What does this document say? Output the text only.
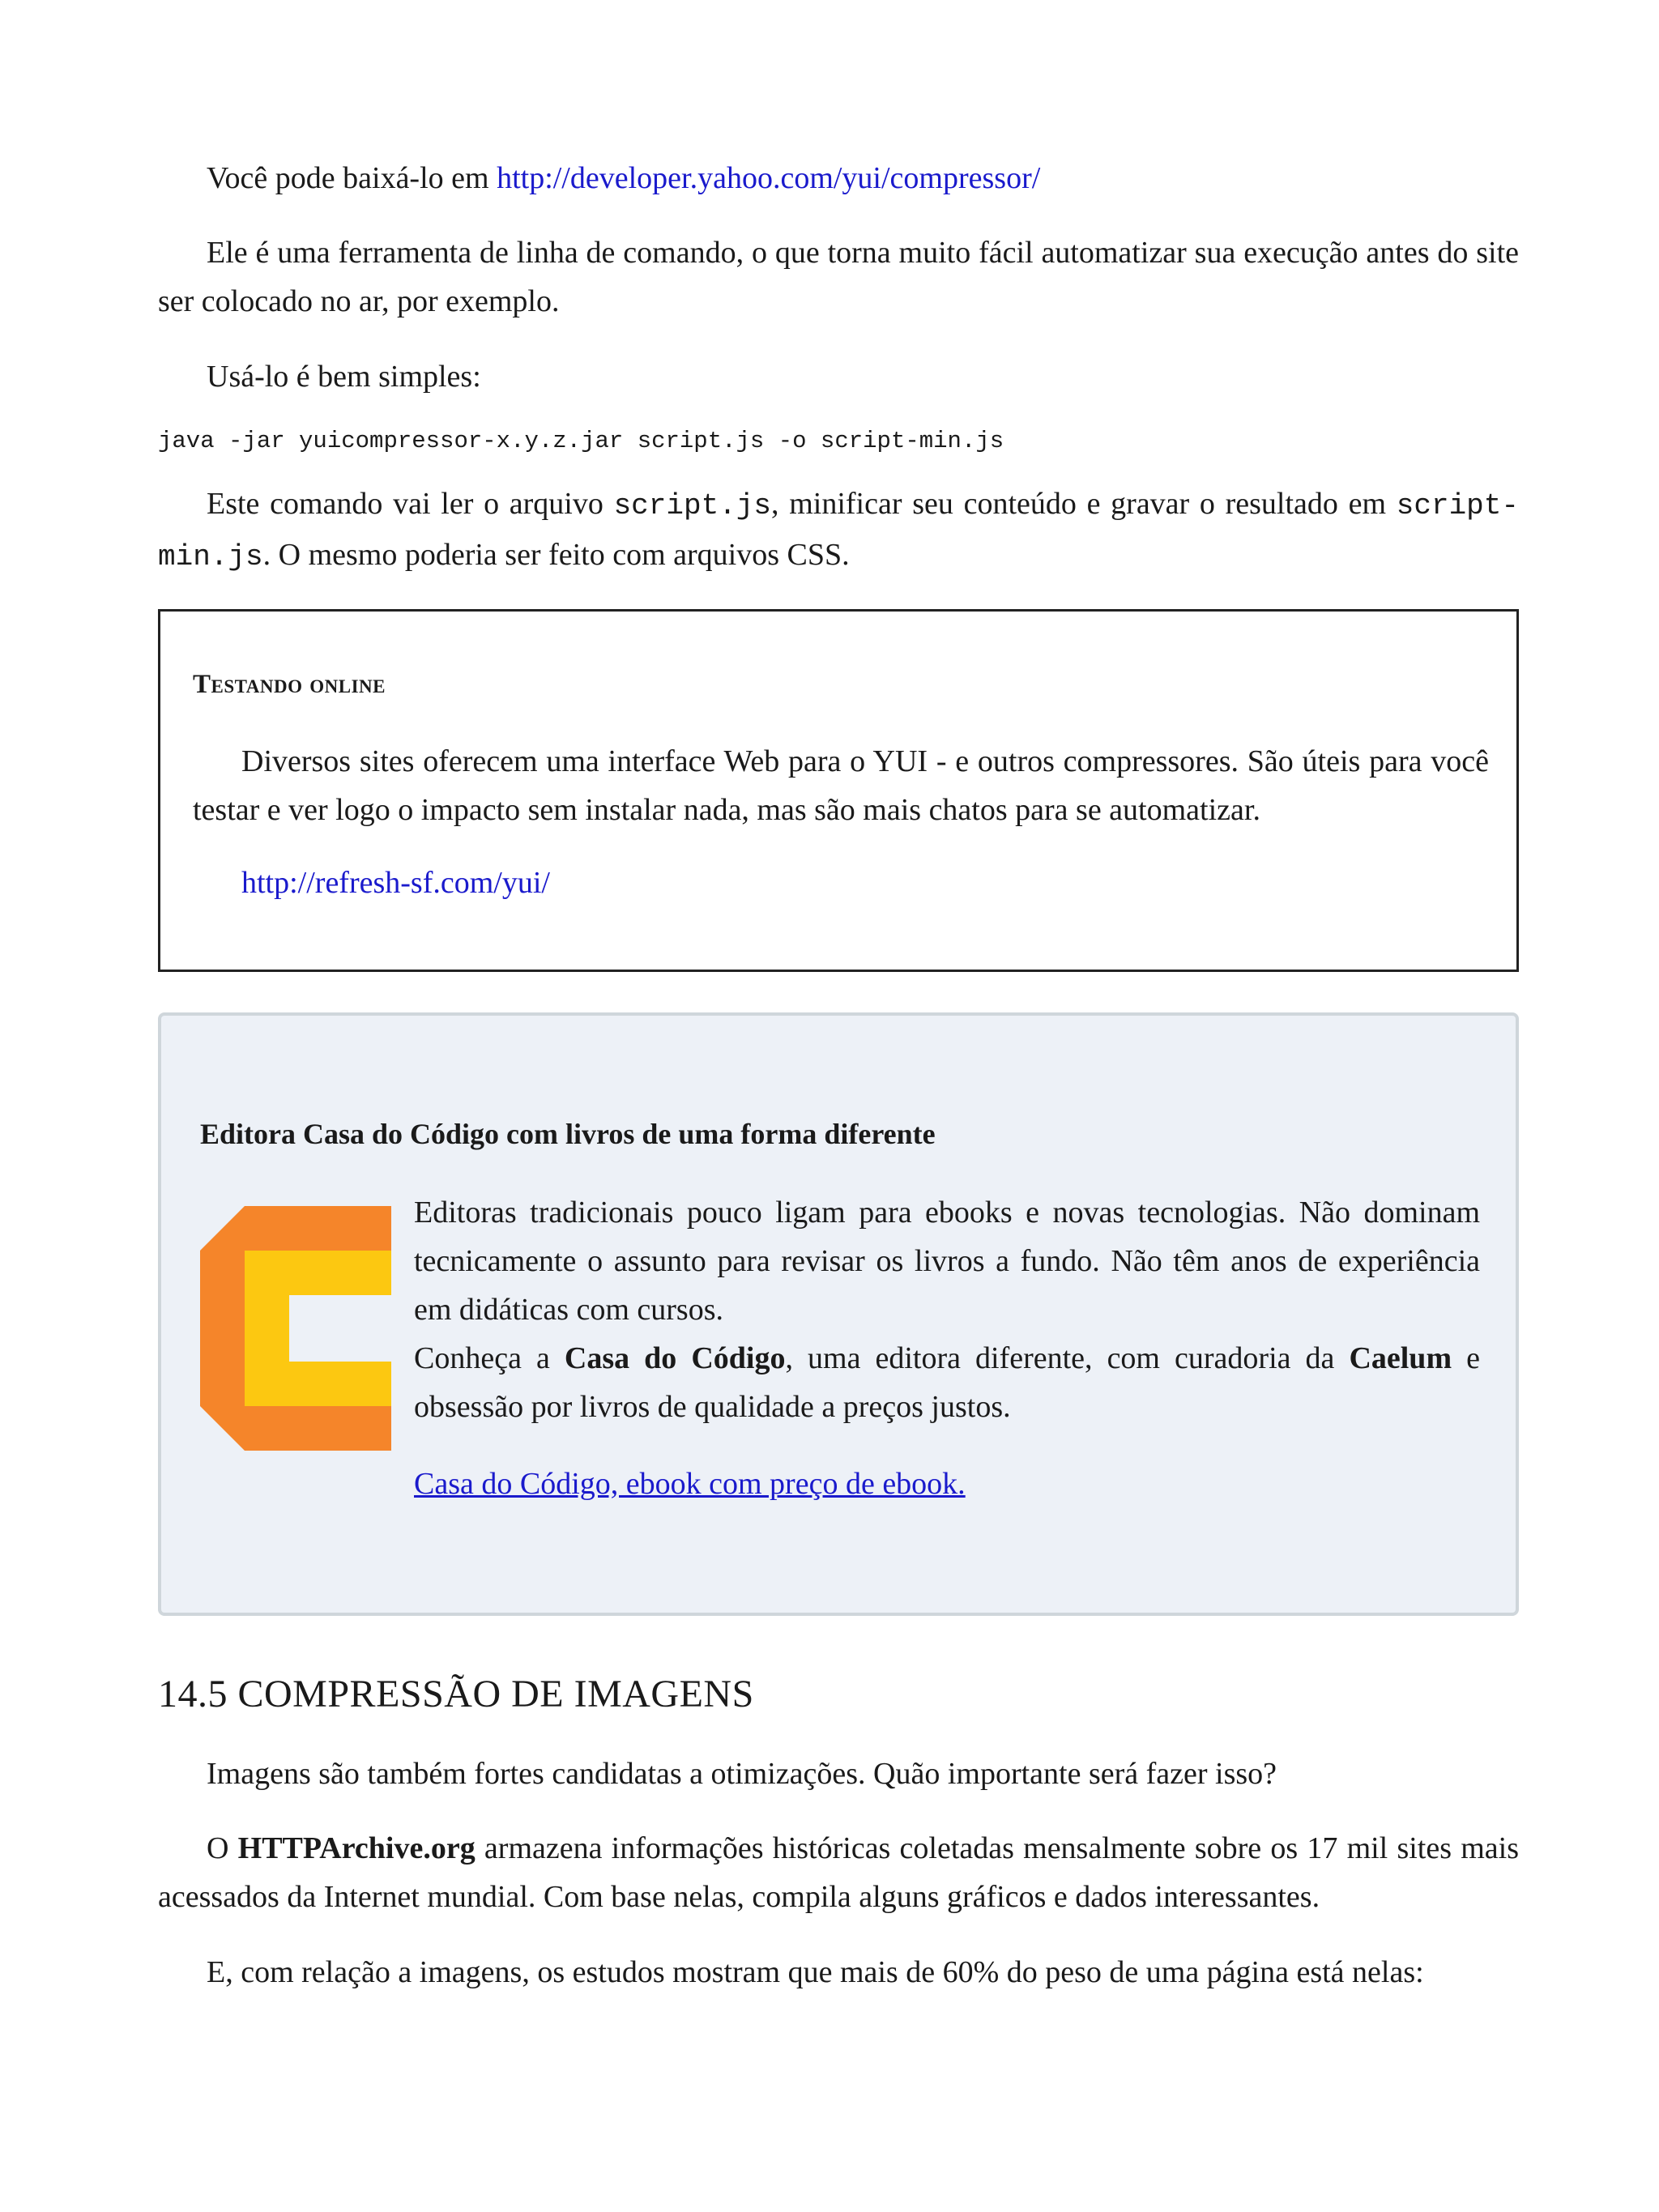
Você pode baixá-lo em http://developer.yahoo.com/yui/compressor/

Ele é uma ferramenta de linha de comando, o que torna muito fácil automatizar sua execução antes do site ser colocado no ar, por exemplo.

Usá-lo é bem simples:

java -jar yuicompressor-x.y.z.jar script.js -o script-min.js

Este comando vai ler o arquivo script.js, minificar seu conteúdo e gravar o resultado em script-min.js. O mesmo poderia ser feito com arquivos CSS.

Testando online

Diversos sites oferecem uma interface Web para o YUI - e outros compressores. São úteis para você testar e ver logo o impacto sem instalar nada, mas são mais chatos para se automatizar.

http://refresh-sf.com/yui/

Editora Casa do Código com livros de uma forma diferente

Editoras tradicionais pouco ligam para ebooks e novas tecnologias. Não dominam tecnicamente o assunto para revisar os livros a fundo. Não têm anos de experiência em didáticas com cursos.
Conheça a Casa do Código, uma editora diferente, com curadoria da Caelum e obsessão por livros de qualidade a preços justos.

Casa do Código, ebook com preço de ebook.

14.5 COMPRESSÃO DE IMAGENS

Imagens são também fortes candidatas a otimizações. Quão importante será fazer isso?

O HTTPArchive.org armazena informações históricas coletadas mensalmente sobre os 17 mil sites mais acessados da Internet mundial. Com base nelas, compila alguns gráficos e dados interessantes.

E, com relação a imagens, os estudos mostram que mais de 60% do peso de uma página está nelas:
